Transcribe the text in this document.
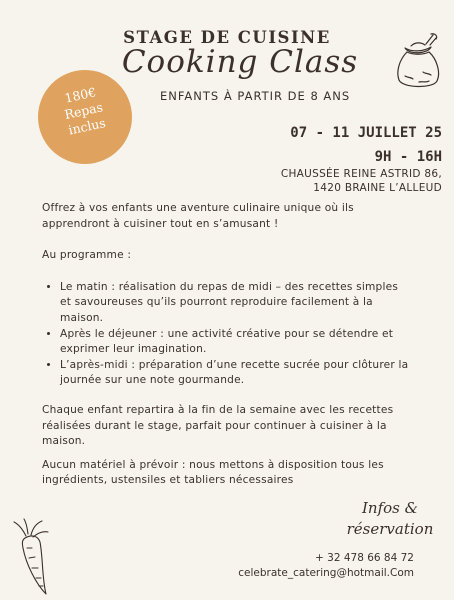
STAGE DE CUISINE
Cooking Class
ENFANTS À PARTIR DE 8 ANS
180€
Repas
inclus	07 - 11 JUILLET 25
9H - 16H
CHAUSSÉE REINE ASTRID 86,
1420 BRAINE L’ALLEUD

Offrez à vos enfants une aventure culinaire unique où ils apprendront à cuisiner tout en s’amusant !

Au programme :

• Le matin : réalisation du repas de midi – des recettes simples et savoureuses qu’ils pourront reproduire facilement à la maison.
• Après le déjeuner : une activité créative pour se détendre et exprimer leur imagination.
• L’après-midi : préparation d’une recette sucrée pour clôturer la journée sur une note gourmande.

Chaque enfant repartira à la fin de la semaine avec les recettes réalisées durant le stage, parfait pour continuer à cuisiner à la maison.

Aucun matériel à prévoir : nous mettons à disposition tous les ingrédients, ustensiles et tabliers nécessaires

Infos &
réservation
+ 32 478 66 84 72
celebrate_catering@hotmail.Com
